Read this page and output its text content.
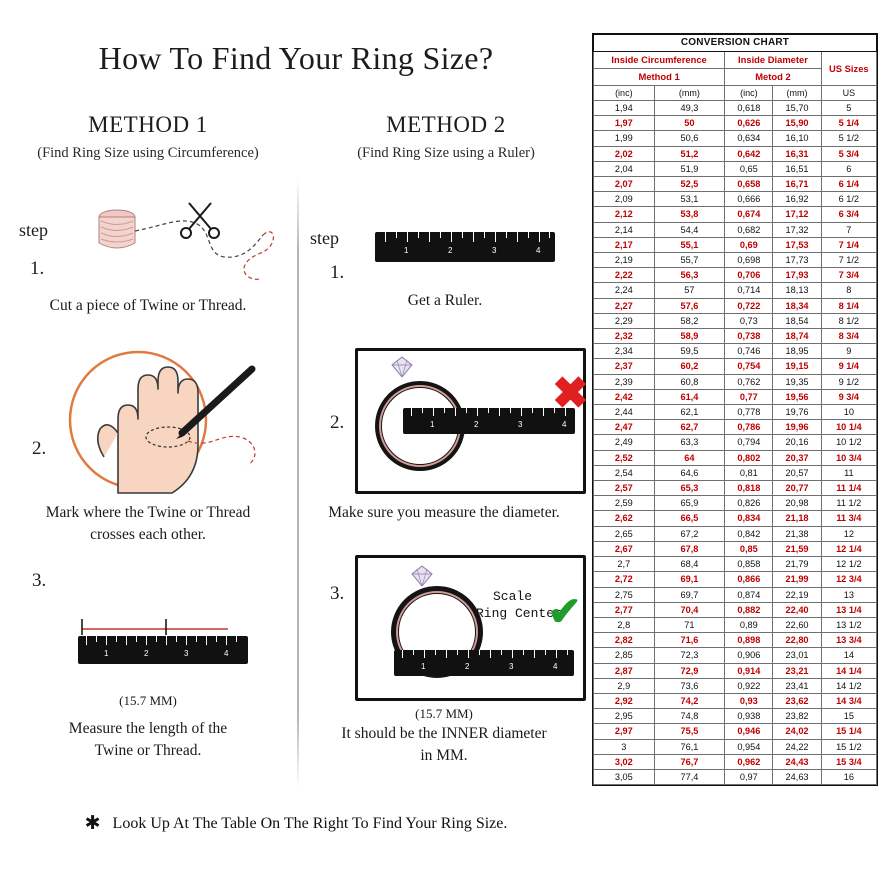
How To Find Your Ring Size?
METHOD 1
(Find Ring Size using Circumference)
step
1.
Cut a piece of Twine or Thread.
2.
Mark where the Twine or Thread
crosses each other.
3.
1	2	3	4
(15.7 MM)
Measure the length of the
Twine or Thread.
METHOD 2
(Find Ring Size using a Ruler)
step
1.
1	2	3	4
Get a Ruler.
2.	1	2	3	4
✖
Make sure you measure the diameter.
3.
1	2	3	4
Scale
Ring Center
✔
(15.7 MM)
It should be the INNER diameter
in MM.
✱ Look Up At The Table On The Right To Find Your Ring Size.
CONVERSION CHART				
Inside Circumference		Inside Diameter		US Sizes
Method 1		Metod 2		
(inc)	(mm)	(inc)	(mm)	US
1,94	49,3	0,618	15,70	5
1,97	50	0,626	15,90	5 1/4
1,99	50,6	0,634	16,10	5 1/2
2,02	51,2	0,642	16,31	5 3/4
2,04	51,9	0,65	16,51	6
2,07	52,5	0,658	16,71	6 1/4
2,09	53,1	0,666	16,92	6 1/2
2,12	53,8	0,674	17,12	6 3/4
2,14	54,4	0,682	17,32	7
2,17	55,1	0,69	17,53	7 1/4
2,19	55,7	0,698	17,73	7 1/2
2,22	56,3	0,706	17,93	7 3/4
2,24	57	0,714	18,13	8
2,27	57,6	0,722	18,34	8 1/4
2,29	58,2	0,73	18,54	8 1/2
2,32	58,9	0,738	18,74	8 3/4
2,34	59,5	0,746	18,95	9
2,37	60,2	0,754	19,15	9 1/4
2,39	60,8	0,762	19,35	9 1/2
2,42	61,4	0,77	19,56	9 3/4
2,44	62,1	0,778	19,76	10
2,47	62,7	0,786	19,96	10 1/4
2,49	63,3	0,794	20,16	10 1/2
2,52	64	0,802	20,37	10 3/4
2,54	64,6	0,81	20,57	11
2,57	65,3	0,818	20,77	11 1/4
2,59	65,9	0,826	20,98	11 1/2
2,62	66,5	0,834	21,18	11 3/4
2,65	67,2	0,842	21,38	12
2,67	67,8	0,85	21,59	12 1/4
2,7	68,4	0,858	21,79	12 1/2
2,72	69,1	0,866	21,99	12 3/4
2,75	69,7	0,874	22,19	13
2,77	70,4	0,882	22,40	13 1/4
2,8	71	0,89	22,60	13 1/2
2,82	71,6	0,898	22,80	13 3/4
2,85	72,3	0,906	23,01	14
2,87	72,9	0,914	23,21	14 1/4
2,9	73,6	0,922	23,41	14 1/2
2,92	74,2	0,93	23,62	14 3/4
2,95	74,8	0,938	23,82	15
2,97	75,5	0,946	24,02	15 1/4
3	76,1	0,954	24,22	15 1/2
3,02	76,7	0,962	24,43	15 3/4
3,05	77,4	0,97	24,63	16
